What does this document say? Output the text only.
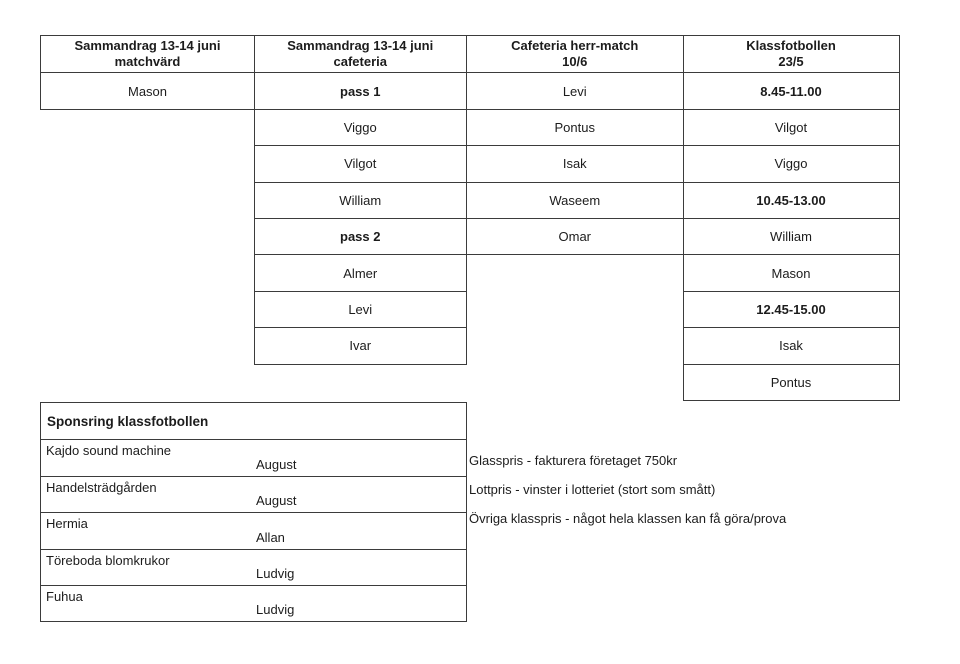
Sammandrag 13-14 juni
matchvärd
Mason
Sammandrag 13-14 juni
cafeteria
pass 1
Viggo
Vilgot
William
pass 2
Almer
Levi
Ivar
Cafeteria herr-match
10/6
Levi
Pontus
Isak
Waseem
Omar
Klassfotbollen
23/5
8.45-11.00
Vilgot
Viggo
10.45-13.00
William
Mason
12.45-15.00
Isak
Pontus
Sponsring klassfotbollen
Kajdo sound machine
August
Handelsträdgården
August
Hermia
Allan
Töreboda blomkrukor
Ludvig
Fuhua
Ludvig
Glasspris - fakturera företaget 750kr
Lottpris - vinster i lotteriet (stort som smått)
Övriga klasspris - något hela klassen kan få göra/prova
